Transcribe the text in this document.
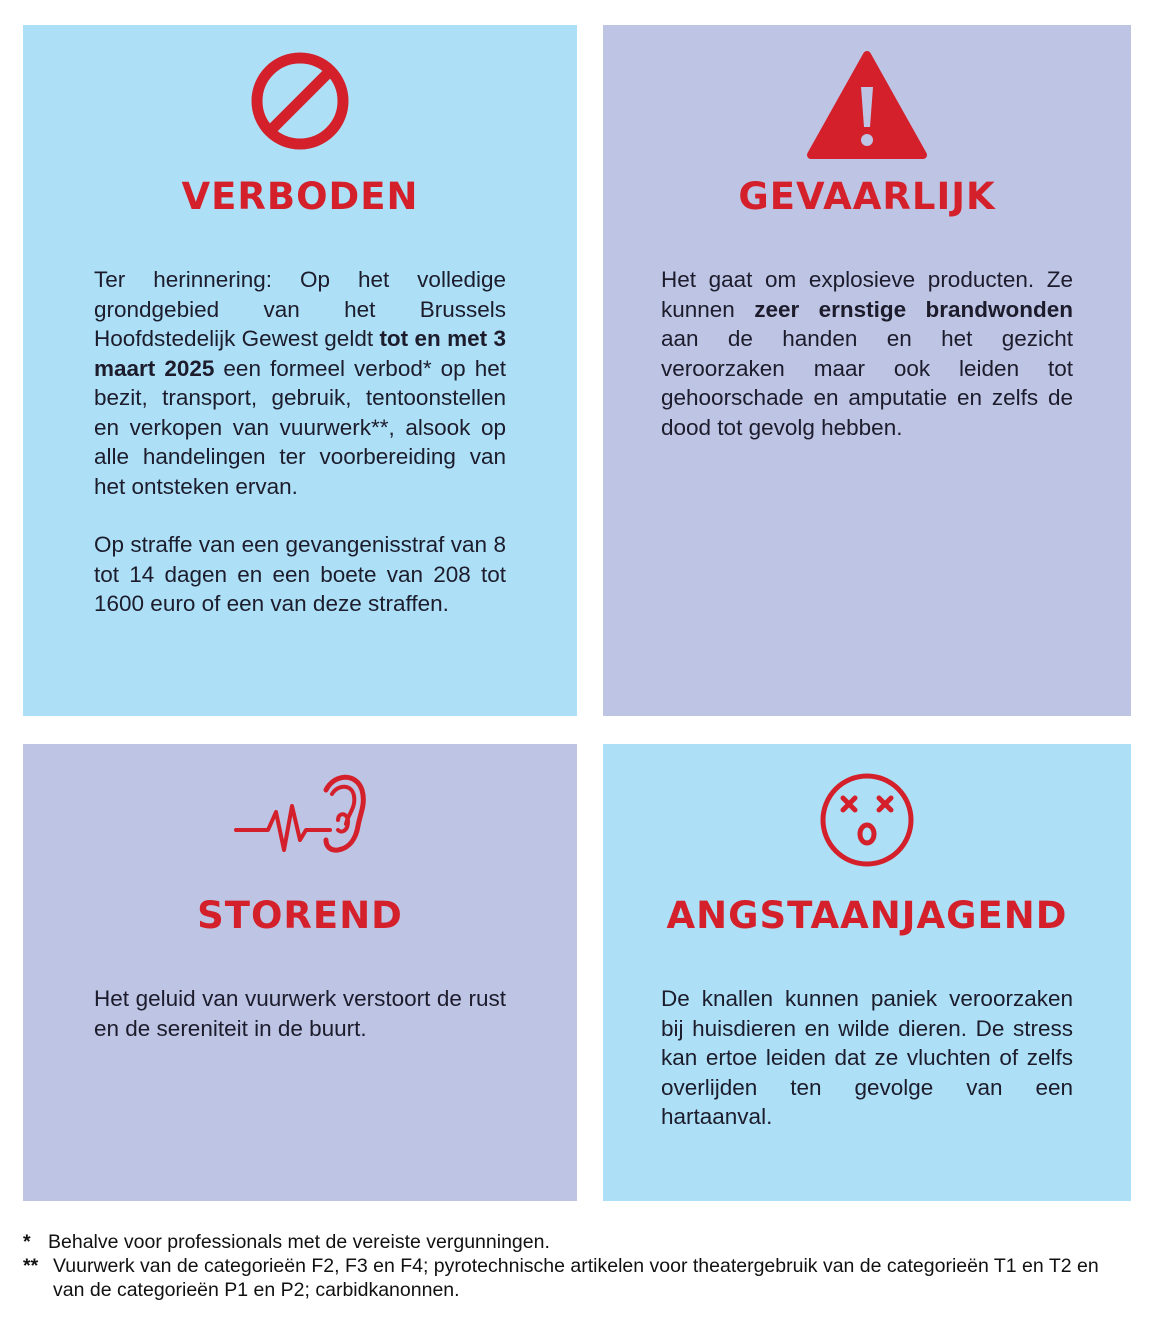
VERBODEN

Ter herinnering: Op het volledige grondgebied van het Brussels Hoofdstedelijk Gewest geldt tot en met 3 maart 2025 een formeel verbod* op het bezit, transport, gebruik, tentoonstellen en verkopen van vuurwerk**, alsook op alle handelingen ter voorbereiding van het ontsteken ervan.

Op straffe van een gevangenisstraf van 8 tot 14 dagen en een boete van 208 tot 1600 euro of een van deze straffen.

GEVAARLIJK

Het gaat om explosieve producten. Ze kunnen zeer ernstige brandwonden aan de handen en het gezicht veroorzaken maar ook leiden tot gehoorschade en amputatie en zelfs de dood tot gevolg hebben.

STOREND

Het geluid van vuurwerk verstoort de rust en de sereniteit in de buurt.

ANGSTAANJAGEND

De knallen kunnen paniek veroorzaken bij huisdieren en wilde dieren. De stress kan ertoe leiden dat ze vluchten of zelfs overlijden ten gevolge van een hartaanval.

* Behalve voor professionals met de vereiste vergunningen.
** Vuurwerk van de categorieën F2, F3 en F4; pyrotechnische artikelen voor theatergebruik van de categorieën T1 en T2 en van de categorieën P1 en P2; carbidkanonnen.
